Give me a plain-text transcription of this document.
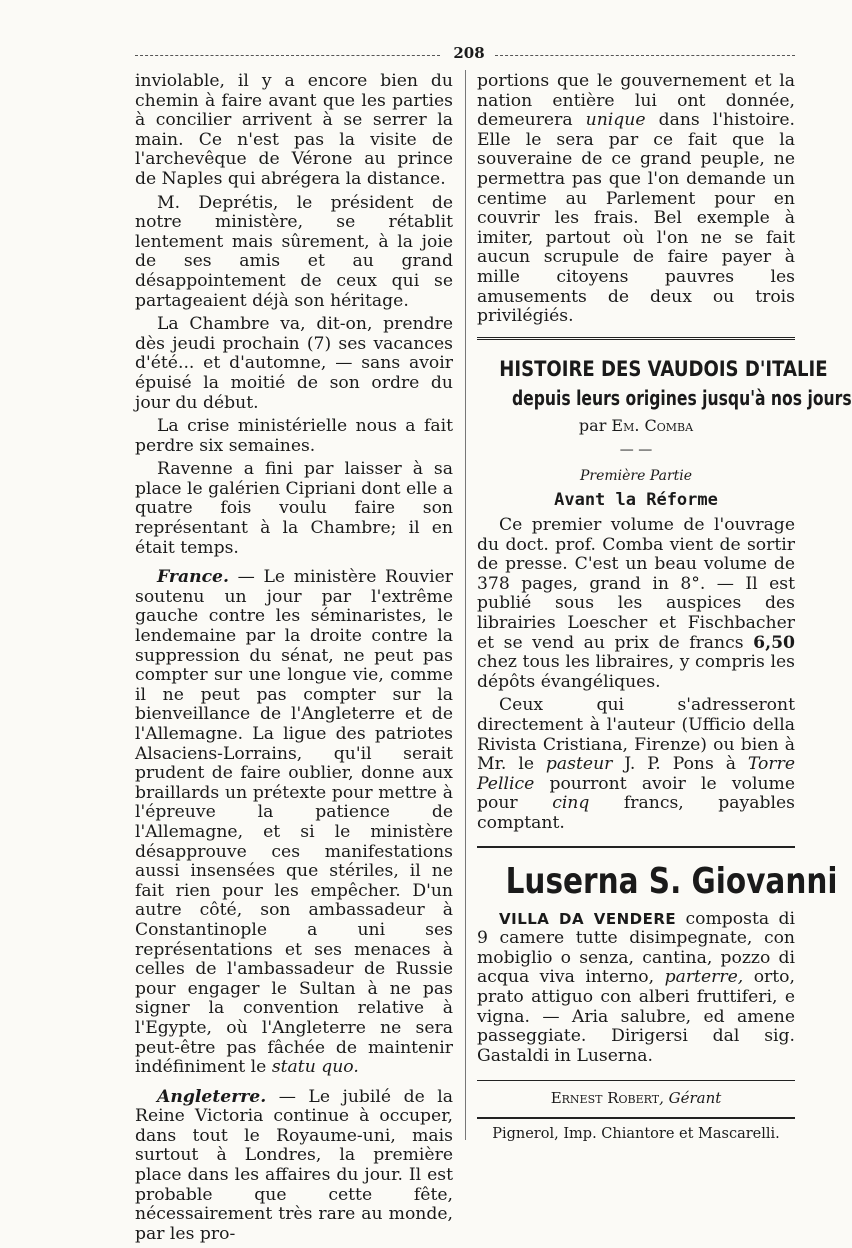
208

inviolable, il y a encore bien du chemin à faire avant que les parties à concilier arrivent à se serrer la main. Ce n'est pas la visite de l'archevêque de Vérone au prince de Naples qui abrégera la distance.

M. Deprétis, le président de notre ministère, se rétablit lentement mais sûrement, à la joie de ses amis et au grand désappointement de ceux qui se partageaient déjà son héritage.

La Chambre va, dit-on, prendre dès jeudi prochain (7) ses vacances d'été... et d'automne, — sans avoir épuisé la moitié de son ordre du jour du début.

La crise ministérielle nous a fait perdre six semaines.

Ravenne a fini par laisser à sa place le galérien Cipriani dont elle a quatre fois voulu faire son représentant à la Chambre; il en était temps.

France. — Le ministère Rouvier soutenu un jour par l'extrême gauche contre les séminaristes, le lendemaine par la droite contre la suppression du sénat, ne peut pas compter sur une longue vie, comme il ne peut pas compter sur la bienveillance de l'Angleterre et de l'Allemagne. La ligue des patriotes Alsaciens-Lorrains, qu'il serait prudent de faire oublier, donne aux braillards un prétexte pour mettre à l'épreuve la patience de l'Allemagne, et si le ministère désapprouve ces manifestations aussi insensées que stériles, il ne fait rien pour les empêcher. D'un autre côté, son ambassadeur à Constantinople a uni ses représentations et ses menaces à celles de l'ambassadeur de Russie pour engager le Sultan à ne pas signer la convention relative à l'Egypte, où l'Angleterre ne sera peut-être pas fâchée de maintenir indéfiniment le statu quo.

Angleterre. — Le jubilé de la Reine Victoria continue à occuper, dans tout le Royaume-uni, mais surtout à Londres, la première place dans les affaires du jour. Il est probable que cette fête, nécessairement très rare au monde, par les pro-

portions que le gouvernement et la nation entière lui ont donnée, demeurera unique dans l'histoire. Elle le sera par ce fait que la souveraine de ce grand peuple, ne permettra pas que l'on demande un centime au Parlement pour en couvrir les frais. Bel exemple à imiter, partout où l'on ne se fait aucun scrupule de faire payer à mille citoyens pauvres les amusements de deux ou trois privilégiés.

HISTOIRE DES VAUDOIS D'ITALIE
depuis leurs origines jusqu'à nos jours
par Em. Comba
— —
Première Partie
Avant la Réforme

Ce premier volume de l'ouvrage du doct. prof. Comba vient de sortir de presse. C'est un beau volume de 378 pages, grand in 8°. — Il est publié sous les auspices des librairies Loescher et Fischbacher et se vend au prix de francs 6,50 chez tous les libraires, y compris les dépôts évangéliques.

Ceux qui s'adresseront directement à l'auteur (Ufficio della Rivista Cristiana, Firenze) ou bien à Mr. le pasteur J. P. Pons à Torre Pellice pourront avoir le volume pour cinq francs, payables comptant.

Luserna S. Giovanni

VILLA DA VENDERE composta di 9 camere tutte disimpegnate, con mobiglio o senza, cantina, pozzo di acqua viva interno, parterre, orto, prato attiguo con alberi fruttiferi, e vigna. — Aria salubre, ed amene passeggiate. Dirigersi dal sig. Gastaldi in Luserna.

Ernest Robert, Gérant
Pignerol, Imp. Chiantore et Mascarelli.
